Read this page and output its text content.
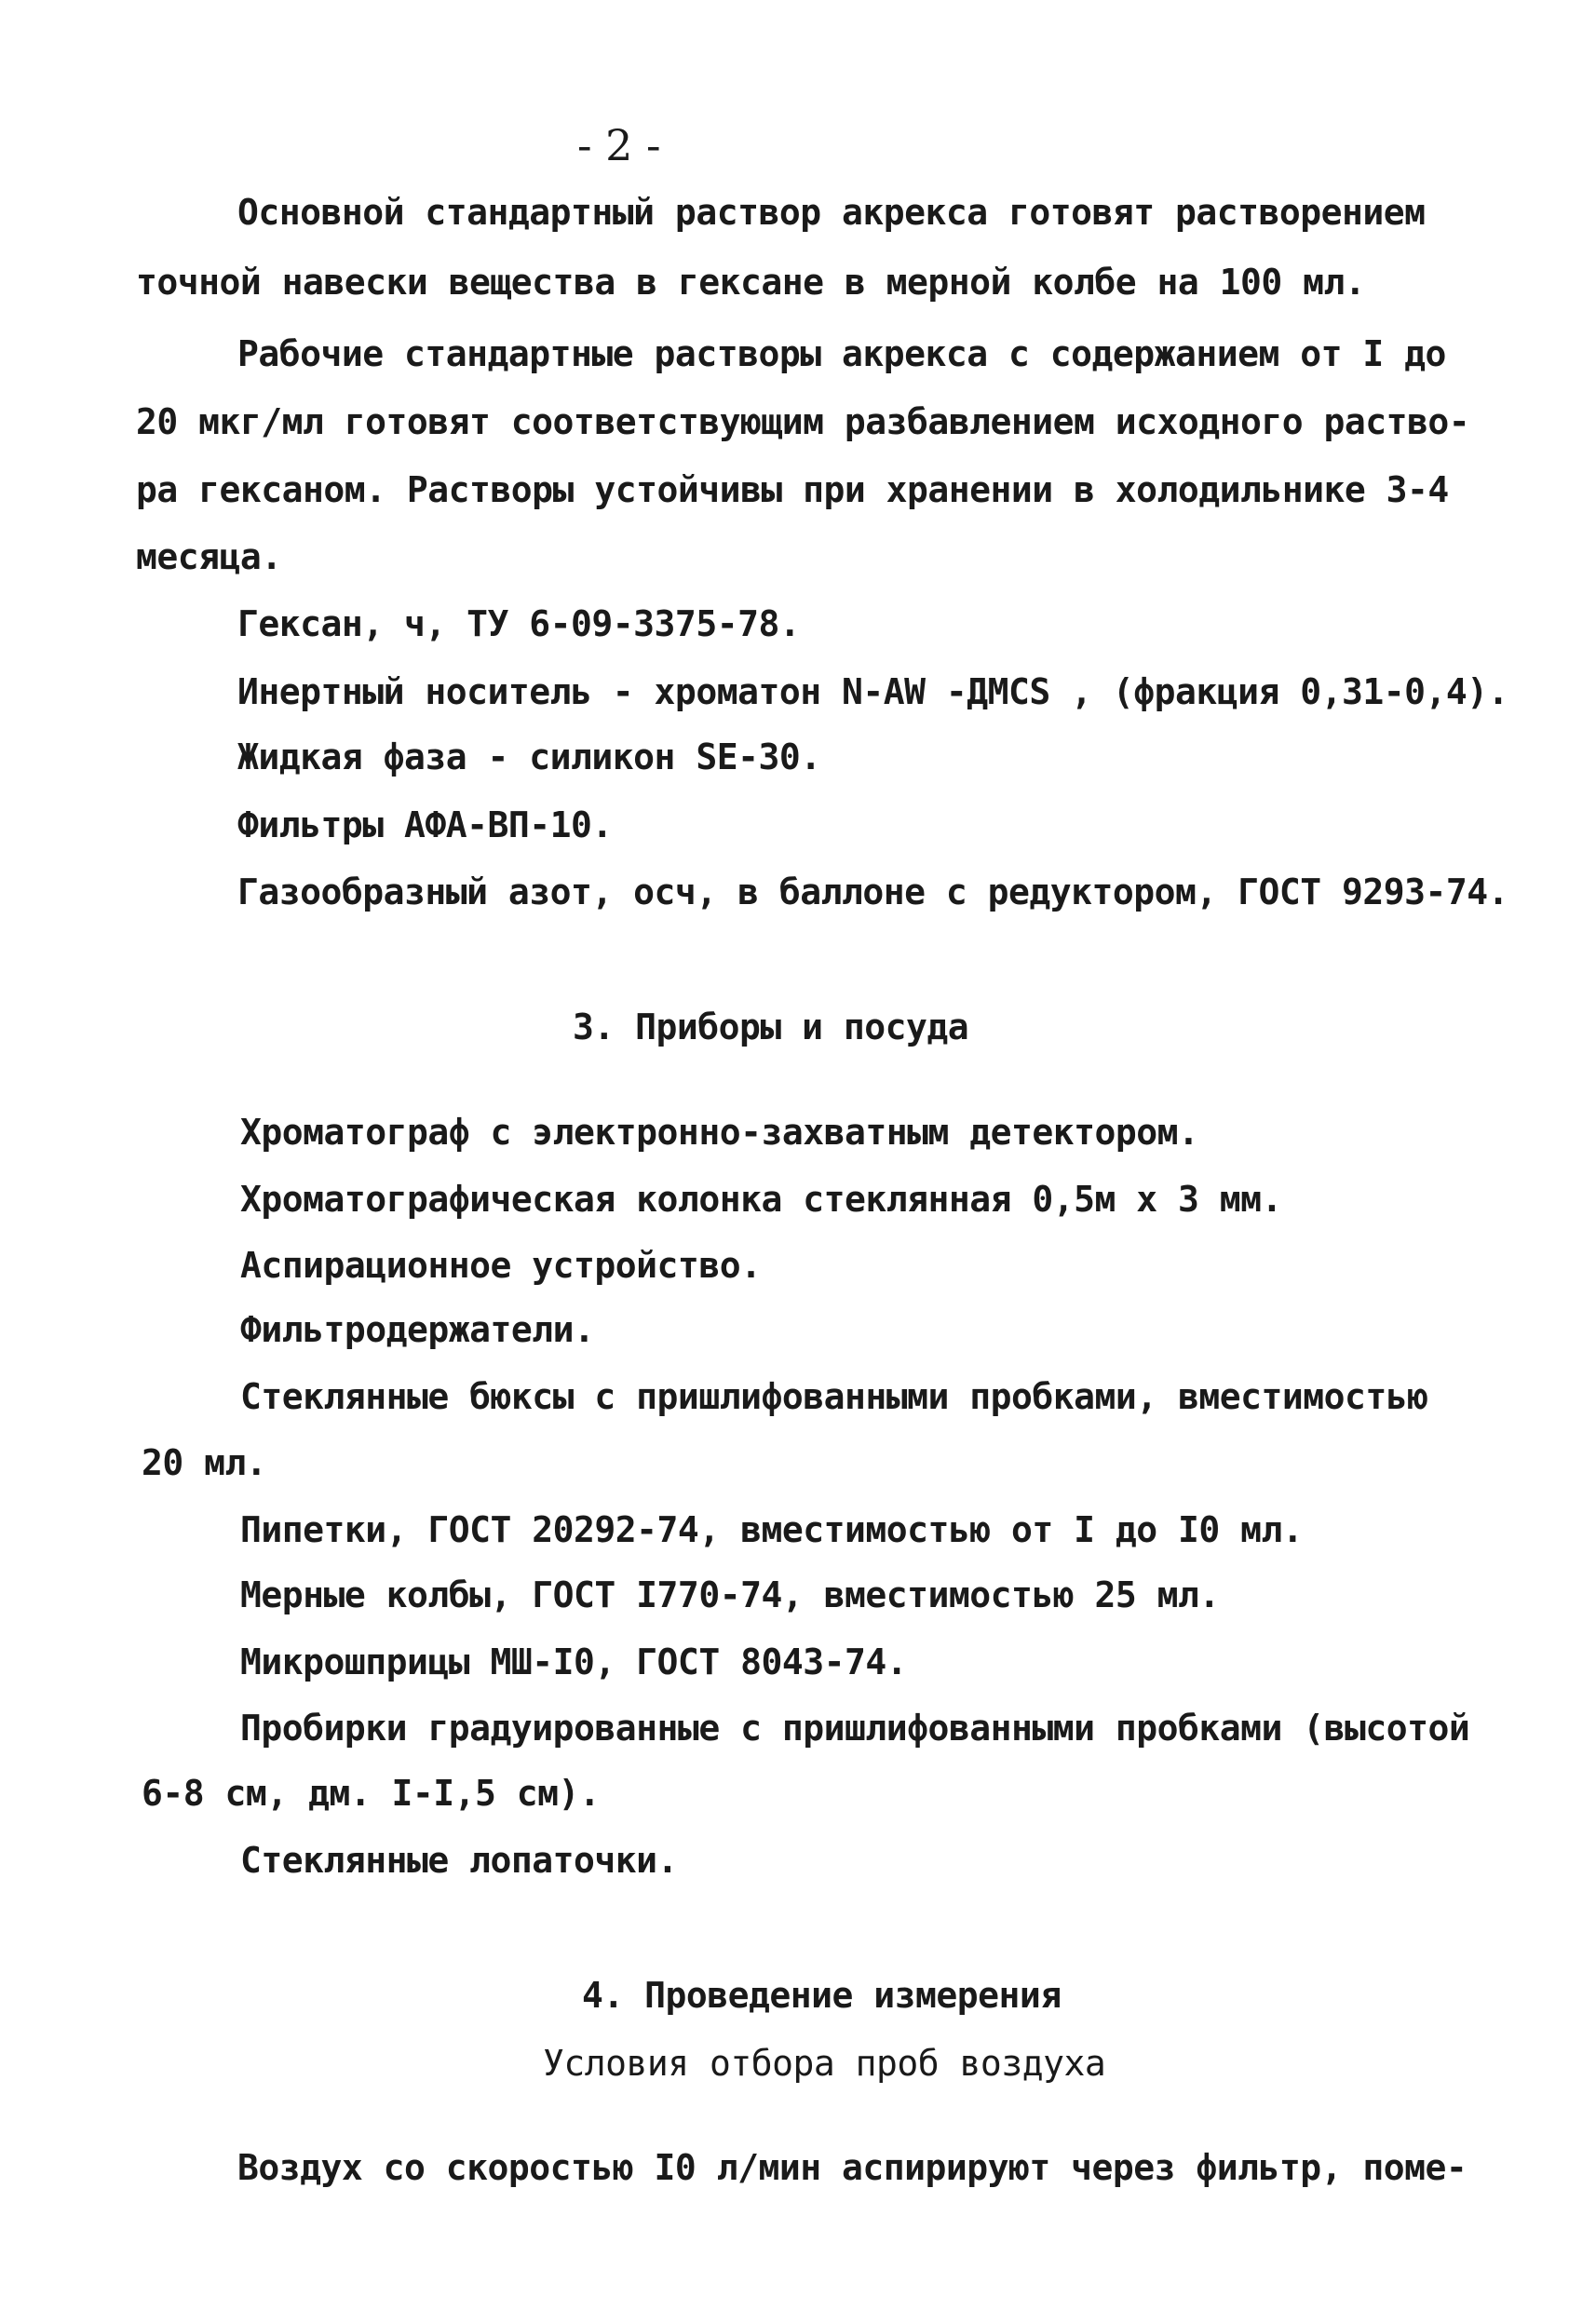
- 2 -
Основной стандартный раствор акрекса готовят растворением
точной навески вещества в гексане в мерной колбе на 100 мл.
Рабочие стандартные растворы акрекса с содержанием от I до
20 мкг/мл готовят соответствующим разбавлением исходного раство-
ра гексаном. Растворы устойчивы при хранении в холодильнике 3-4
месяца.
Гексан, ч, ТУ 6-09-3375-78.
Инертный носитель - хроматон N-AW -ДМCS , (фракция 0,31-0,4).
Жидкая фаза - силикон SE-30.
Фильтры АФА-ВП-10.
Газообразный азот, осч, в баллоне с редуктором, ГОСТ 9293-74.
3. Приборы и посуда
Хроматограф с электронно-захватным детектором.
Хроматографическая колонка стеклянная 0,5м х 3 мм.
Аспирационное устройство.
Фильтродержатели.
Стеклянные бюксы с пришлифованными пробками, вместимостью
20 мл.
Пипетки, ГОСТ 20292-74, вместимостью от I до I0 мл.
Мерные колбы, ГОСТ I770-74, вместимостью 25 мл.
Микрошприцы МШ-I0, ГОСТ 8043-74.
Пробирки градуированные с пришлифованными пробками (высотой
6-8 см, дм. I-I,5 см).
Стеклянные лопаточки.
4. Проведение измерения
Условия отбора проб воздуха
Воздух со скоростью I0 л/мин аспирируют через фильтр, поме-
